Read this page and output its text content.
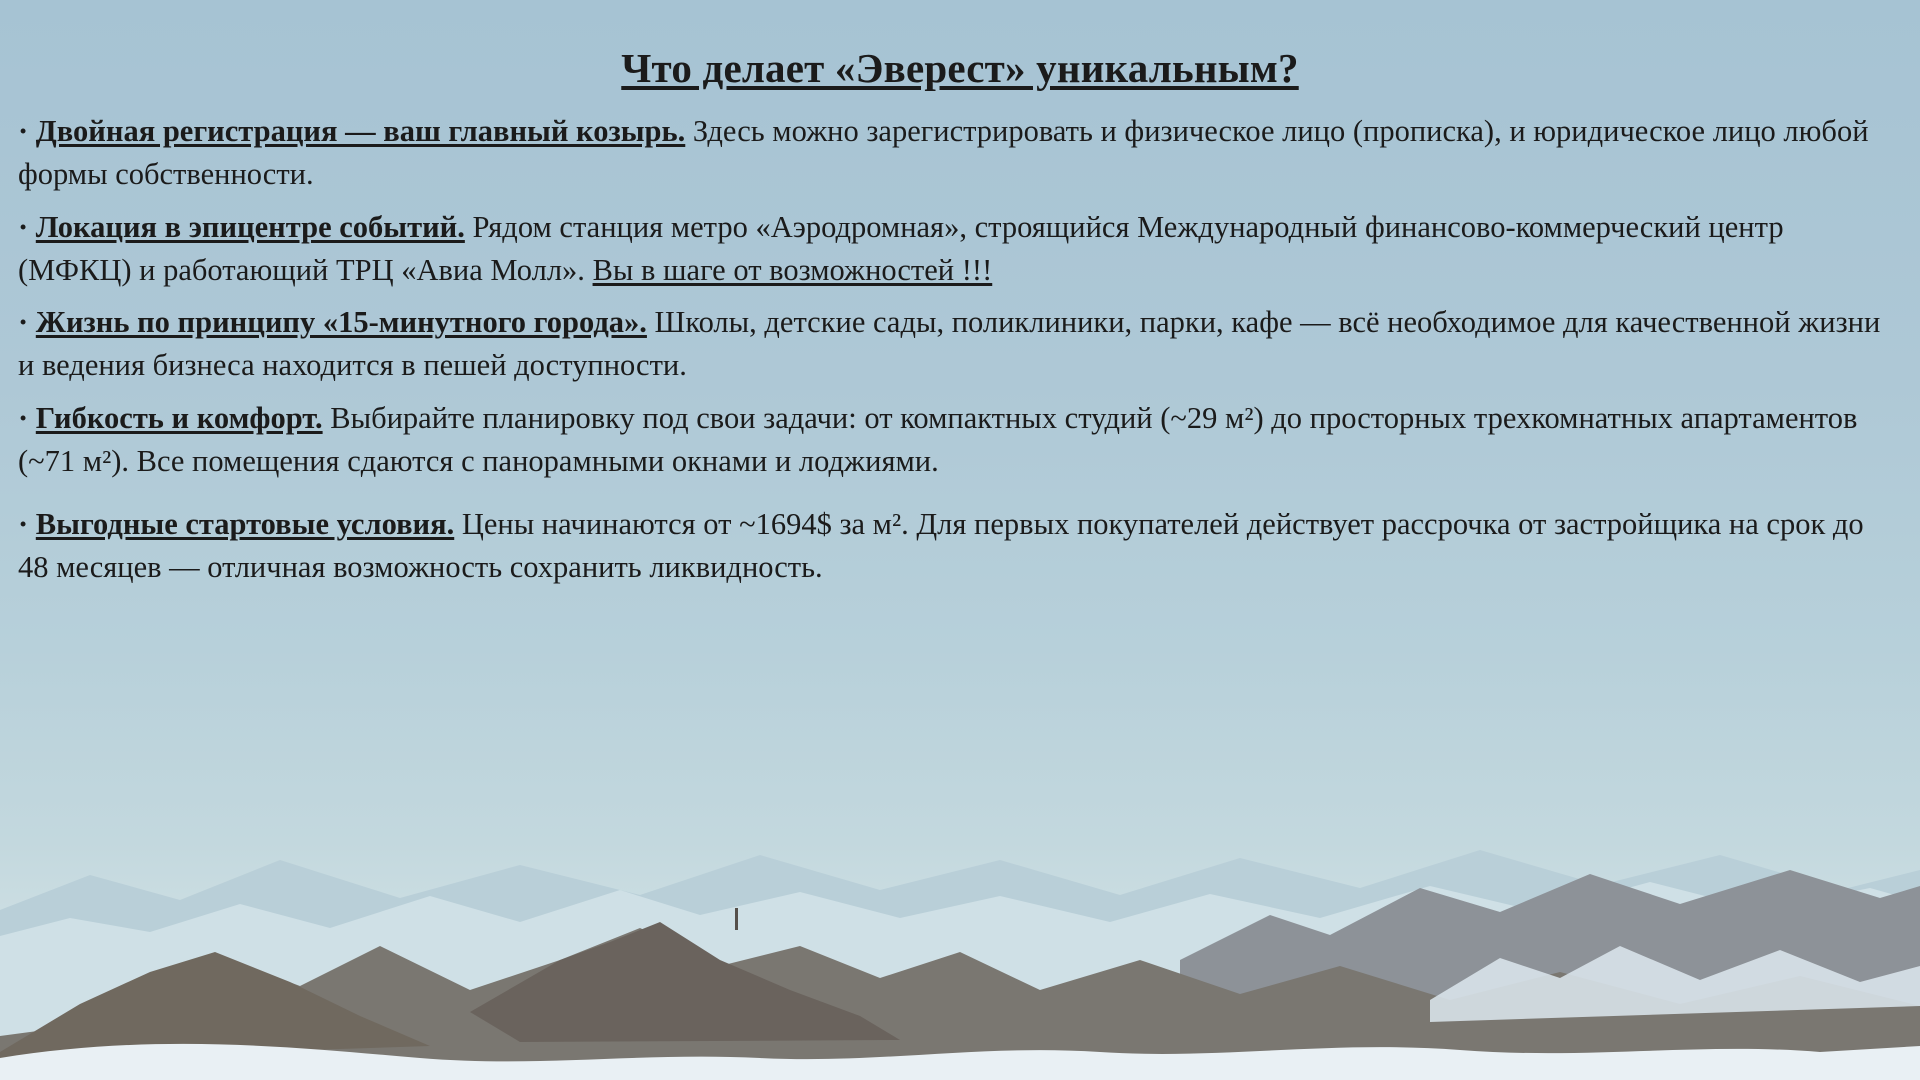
Что делает «Эверест» уникальным?

· Двойная регистрация — ваш главный козырь. Здесь можно зарегистрировать и физическое лицо (прописка), и юридическое лицо любой формы собственности.

· Локация в эпицентре событий. Рядом станция метро «Аэродромная», строящийся Международный финансово-коммерческий центр (МФКЦ) и работающий ТРЦ «Авиа Молл». Вы в шаге от возможностей !!!

· Жизнь по принципу «15-минутного города». Школы, детские сады, поликлиники, парки, кафе — всё необходимое для качественной жизни и ведения бизнеса находится в пешей доступности.

· Гибкость и комфорт. Выбирайте планировку под свои задачи: от компактных студий (~29 м²) до просторных трехкомнатных апартаментов (~71 м²). Все помещения сдаются с панорамными окнами и лоджиями.

· Выгодные стартовые условия. Цены начинаются от ~1694$ за м². Для первых покупателей действует рассрочка от застройщика на срок до 48 месяцев — отличная возможность сохранить ликвидность.
